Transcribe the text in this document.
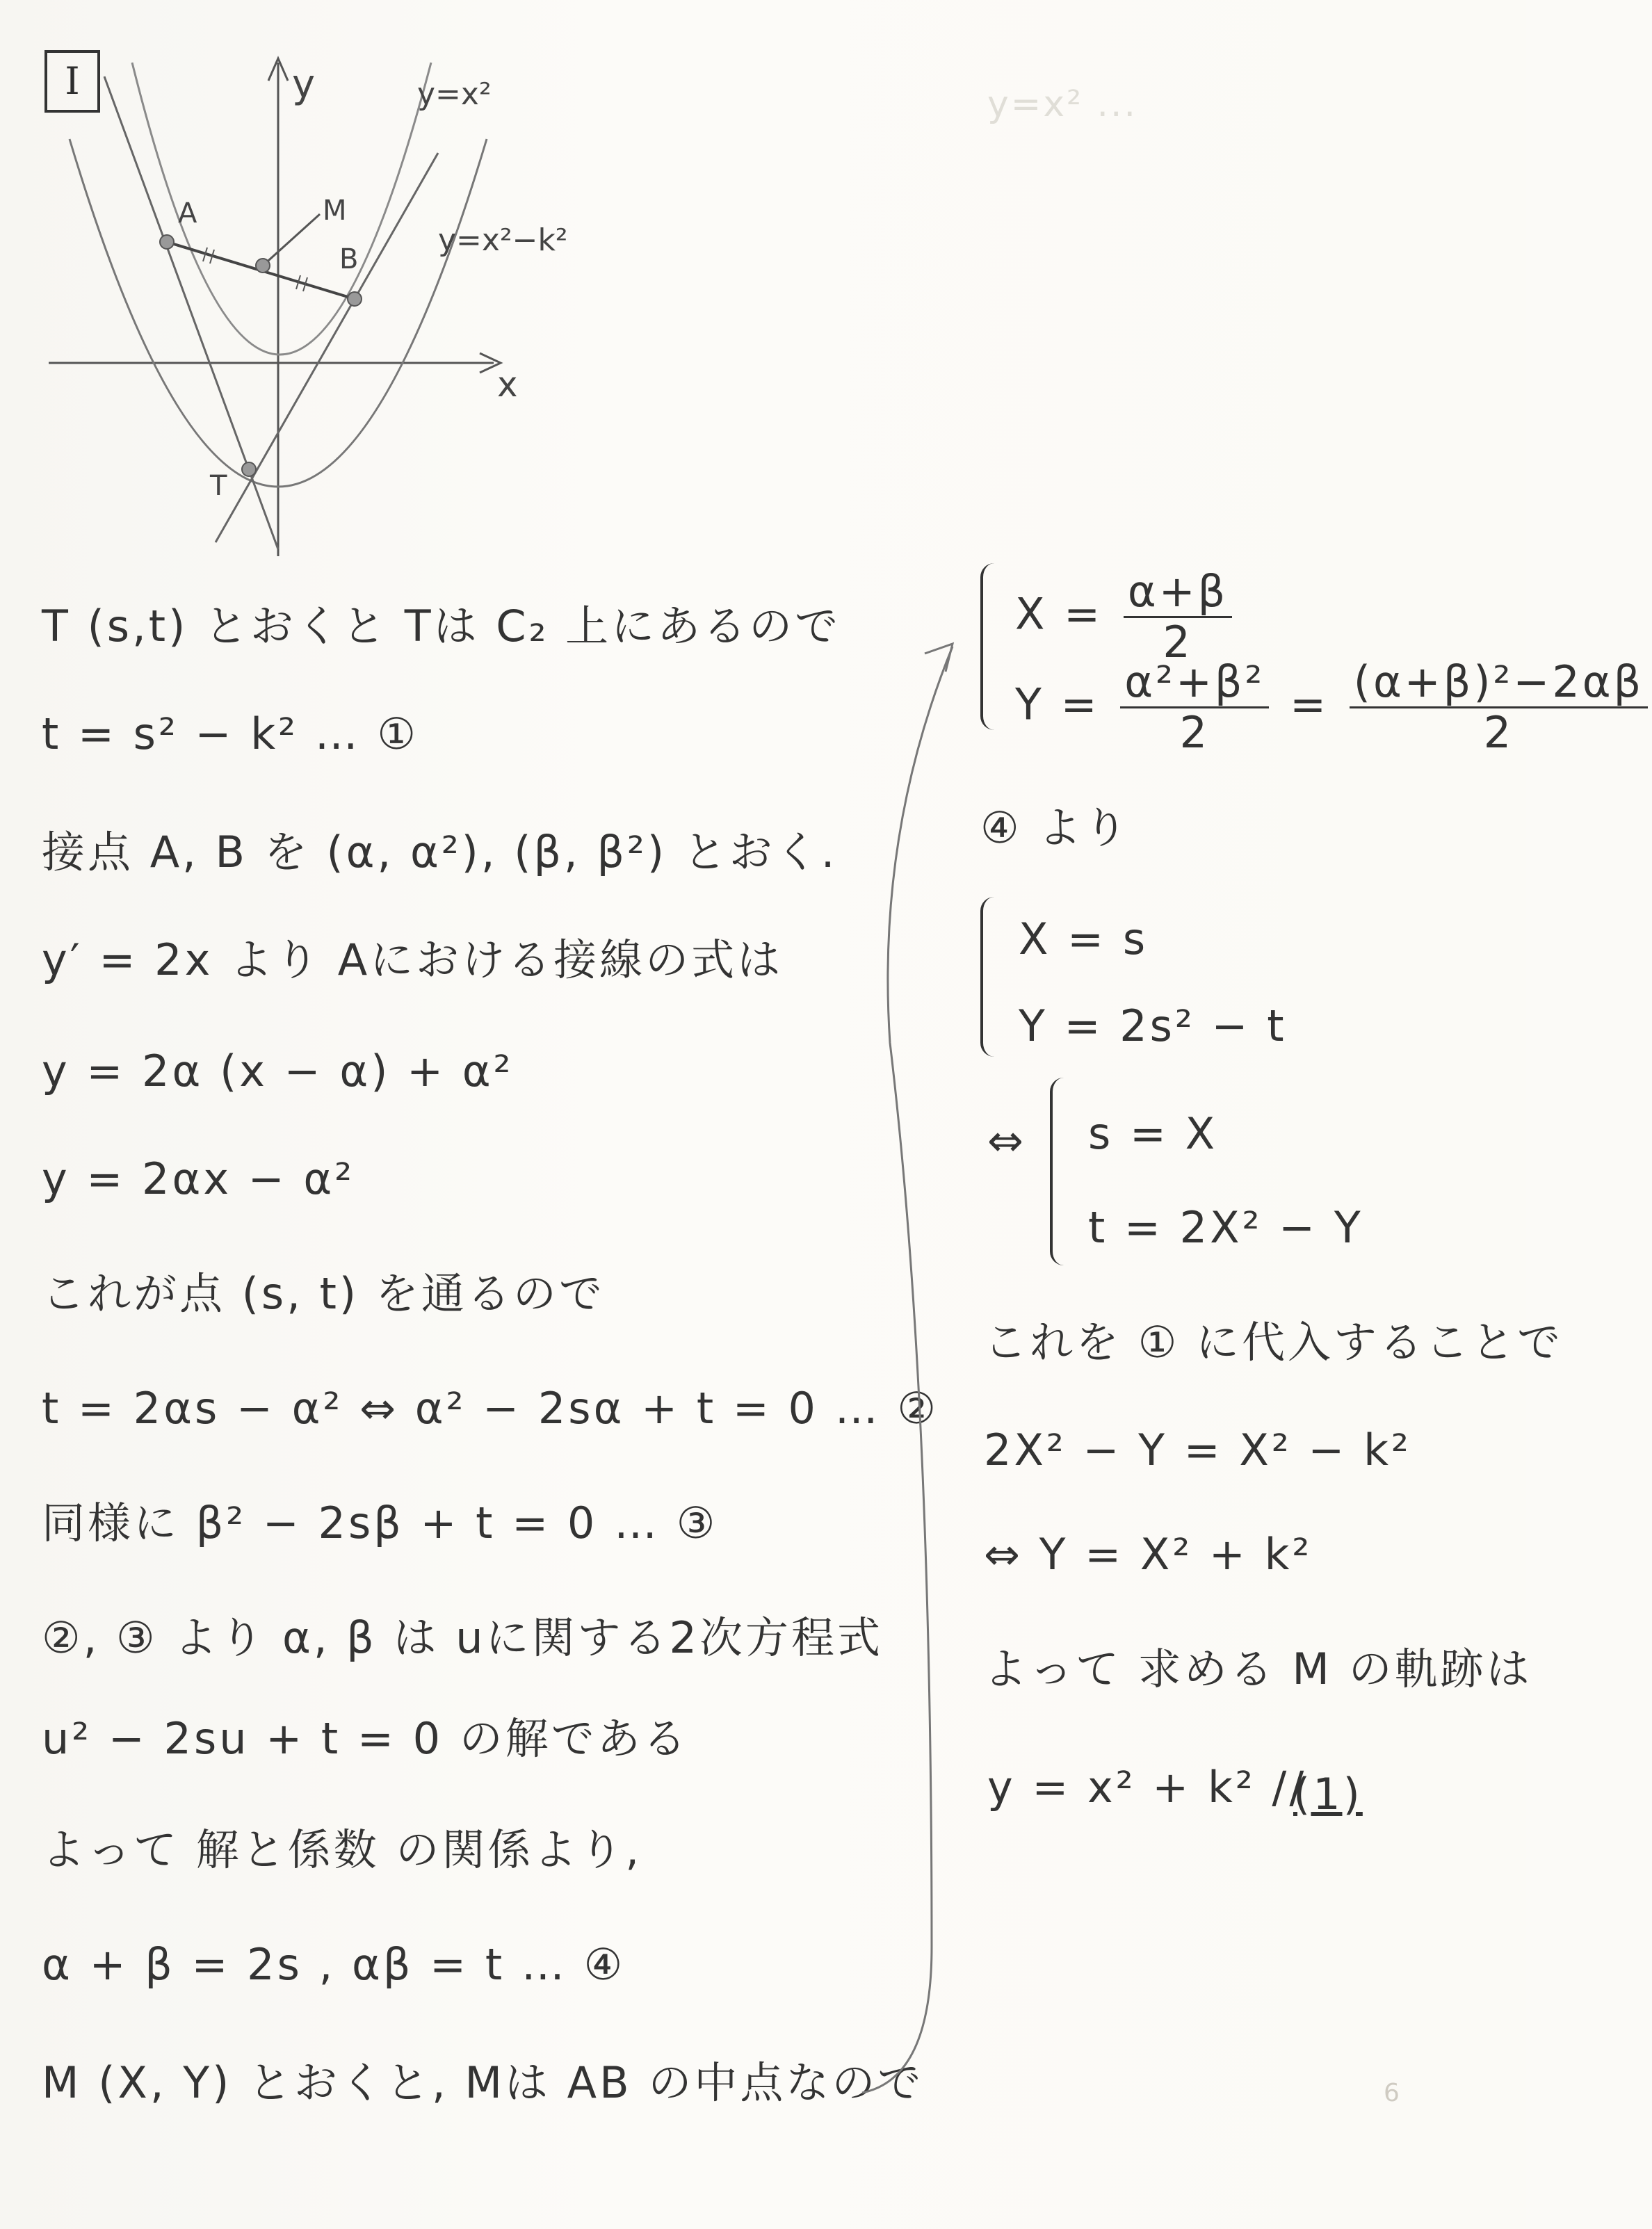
y=x² ...
I	y
x
A	M
B
T
y=x²
y=x²−k²
T (s,t) とおくと Tは C₂ 上にあるので
t = s² − k² … ①
接点 A, B を (α, α²), (β, β²) とおく.
y′ = 2x より Aにおける接線の式は
y = 2α (x − α) + α²
y = 2αx − α²
これが点 (s, t) を通るので
t = 2αs − α² ⇔ α² − 2sα + t = 0 … ②
同様に β² − 2sβ + t = 0 … ③
②, ③ より α, β は uに関する2次方程式
u² − 2su + t = 0 の解である
よって 解と係数 の関係より,
α + β = 2s , αβ = t … ④
M (X, Y) とおくと, Mは AB の中点なので
$X = \frac{\alpha+\beta}{2}$
$Y = \frac{\text{α²+β²}}{2} = \frac{\text{(α+β)²−2αβ}}{2}$
④ より
X = s
Y = 2s² − t
⇔ s = X
t = 2X² − Y
これを ① に代入することで
2X² − Y = X² − k²
⇔ Y = X² + k²
よって 求める M の軌跡は
y = x² + k² //
(1)
6
